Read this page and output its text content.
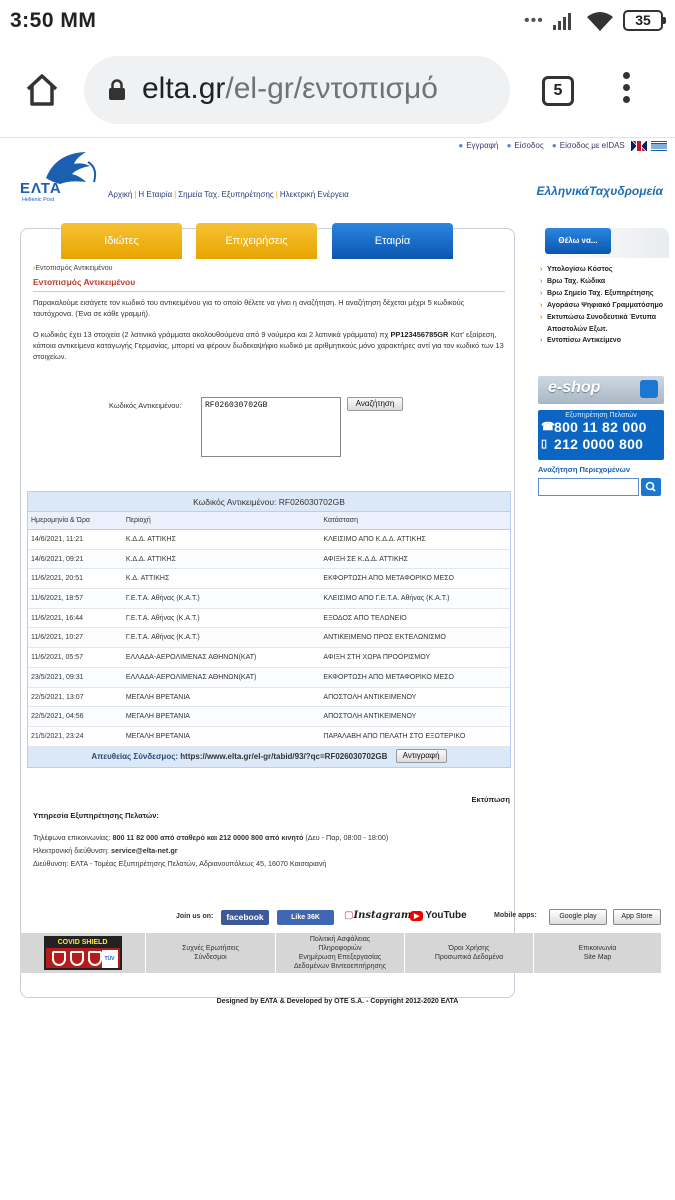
3:50 MM	•••	35
elta.gr/el-gr/εντοπισμό	5
● Εγγραφή ● Είσοδος ● Είσοδος με eIDAS
ΕΛΤΑ
Hellenic Post
Αρχική | Η Εταιρία | Σημεία Ταχ. Εξυπηρέτησης | Ηλεκτρική Ενέργεια	ΕλληνικάΤαχυδρομεία
Ιδιώτες	Επιχειρήσεις	Εταιρία
› Εντοπισμός Αντικειμένου
Εντοπισμός Αντικειμένου
Παρακαλούμε εισάγετε τον κωδικό του αντικειμένου για το οποίο θέλετε να γίνει η αναζήτηση. Η αναζήτηση δέχεται μέχρι 5 κωδικούς ταυτόχρονα. (Ένα σε κάθε γραμμή).
Ο κωδικός έχει 13 στοιχεία (2 λατινικά γράμματα ακολουθούμενα από 9 νούμερα και 2 λατινικά γράμματα) πχ PP123456785GR Κατ' εξαίρεση, κάποια αντικείμενα καταγωγής Γερμανίας, μπορεί να φέρουν δωδεκαψήφιο κωδικό με αριθμητικούς μόνο χαρακτήρες αντί για τον κωδικό των 13 στοιχείων.
Κωδικός Αντικειμένου:
RF026030702GB	Αναζήτηση
Κωδικός Αντικειμένου: RF026030702GB
Ημερομηνία & Ώρα	Περιοχή	Κατάσταση
14/6/2021, 11:21	Κ.Δ.Δ. ΑΤΤΙΚΗΣ	ΚΛΕΙΣΙΜΟ ΑΠΟ Κ.Δ.Δ. ΑΤΤΙΚΗΣ
14/6/2021, 09:21	Κ.Δ.Δ. ΑΤΤΙΚΗΣ	ΑΦΙΞΗ ΣΕ Κ.Δ.Δ. ΑΤΤΙΚΗΣ
11/6/2021, 20:51	Κ.Δ. ΑΤΤΙΚΗΣ	ΕΚΦΟΡΤΩΣΗ ΑΠΟ ΜΕΤΑΦΟΡΙΚΟ ΜΕΣΟ
11/6/2021, 18:57	Γ.Ε.Τ.Α. Αθήνας (Κ.Α.Τ.)	ΚΛΕΙΣΙΜΟ ΑΠΟ Γ.Ε.Τ.Α. Αθήνας (Κ.Α.Τ.)
11/6/2021, 16:44	Γ.Ε.Τ.Α. Αθήνας (Κ.Α.Τ.)	ΕΞΟΔΟΣ ΑΠΟ ΤΕΛΩΝΕΙΟ
11/6/2021, 10:27	Γ.Ε.Τ.Α. Αθήνας (Κ.Α.Τ.)	ΑΝΤΙΚΕΙΜΕΝΟ ΠΡΟΣ ΕΚΤΕΛΩΝΙΣΜΟ
11/6/2021, 05:57	ΕΛΛΑΔΑ-ΑΕΡΟΛΙΜΕΝΑΣ ΑΘΗΝΩΝ(ΚΑΤ)	ΑΦΙΞΗ ΣΤΗ ΧΩΡΑ ΠΡΟΟΡΙΣΜΟΥ
23/5/2021, 09:31	ΕΛΛΑΔΑ-ΑΕΡΟΛΙΜΕΝΑΣ ΑΘΗΝΩΝ(ΚΑΤ)	ΕΚΦΟΡΤΩΣΗ ΑΠΟ ΜΕΤΑΦΟΡΙΚΟ ΜΕΣΟ
22/5/2021, 13:07	ΜΕΓΑΛΗ ΒΡΕΤΑΝΙΑ	ΑΠΟΣΤΟΛΗ ΑΝΤΙΚΕΙΜΕΝΟΥ
22/5/2021, 04:56	ΜΕΓΑΛΗ ΒΡΕΤΑΝΙΑ	ΑΠΟΣΤΟΛΗ ΑΝΤΙΚΕΙΜΕΝΟΥ
21/5/2021, 23:24	ΜΕΓΑΛΗ ΒΡΕΤΑΝΙΑ	ΠΑΡΑΛΑΒΗ ΑΠΟ ΠΕΛΑΤΗ ΣΤΟ ΕΞΩΤΕΡΙΚΟ
Απευθείας Σύνδεσμος: https://www.elta.gr/el-gr/tabid/93/?qc=RF026030702GB Αντιγραφή
Εκτύπωση
Υπηρεσία Εξυπηρέτησης Πελατών:
Τηλέφωνα επικοινωνίας: 800 11 82 000 από σταθερό και 212 0000 800 από κινητό (Δευ - Παρ, 08:00 - 18:00)
Ηλεκτρονική διεύθυνση: service@elta-net.gr
Διεύθυνση: ΕΛΤΑ - Τομέας Εξυπηρέτησης Πελατών, Αδριανουπόλεως 45, 16070 Καισαριανή
Θέλω να...
› Υπολογίσω Κόστος
› Βρω Ταχ. Κώδικα
› Βρω Σημείο Ταχ. Εξυπηρέτησης
› Αγοράσω Ψηφιακό Γραμματόσημο
› Εκτυπώσω Συνοδευτικά Έντυπα Αποστολών Εξωτ.
› Εντοπίσω Αντικείμενο
e-shop
Εξυπηρέτηση Πελατών
☎ 800 11 82 000
▯ 212 0000 800
Αναζήτηση Περιεχομένων
Join us on:	facebook	Like 36K	▢ Instagram	▶ YouTube	Mobile apps:	Google play	App Store
COVID SHIELD
TÜV
Συχνές Ερωτήσεις
Σύνδεσμοι
Πολιτική Ασφάλειας
Πληροφοριών
Ενημέρωση Επεξεργασίας
Δεδομένων Βιντεοεπιτήρησης
Όροι Χρήσης
Προσωπικά Δεδομένα
Επικοινωνία
Site Map
Designed by ΕΛΤΑ & Developed by OTE S.A. - Copyright 2012-2020 ΕΛΤΑ
